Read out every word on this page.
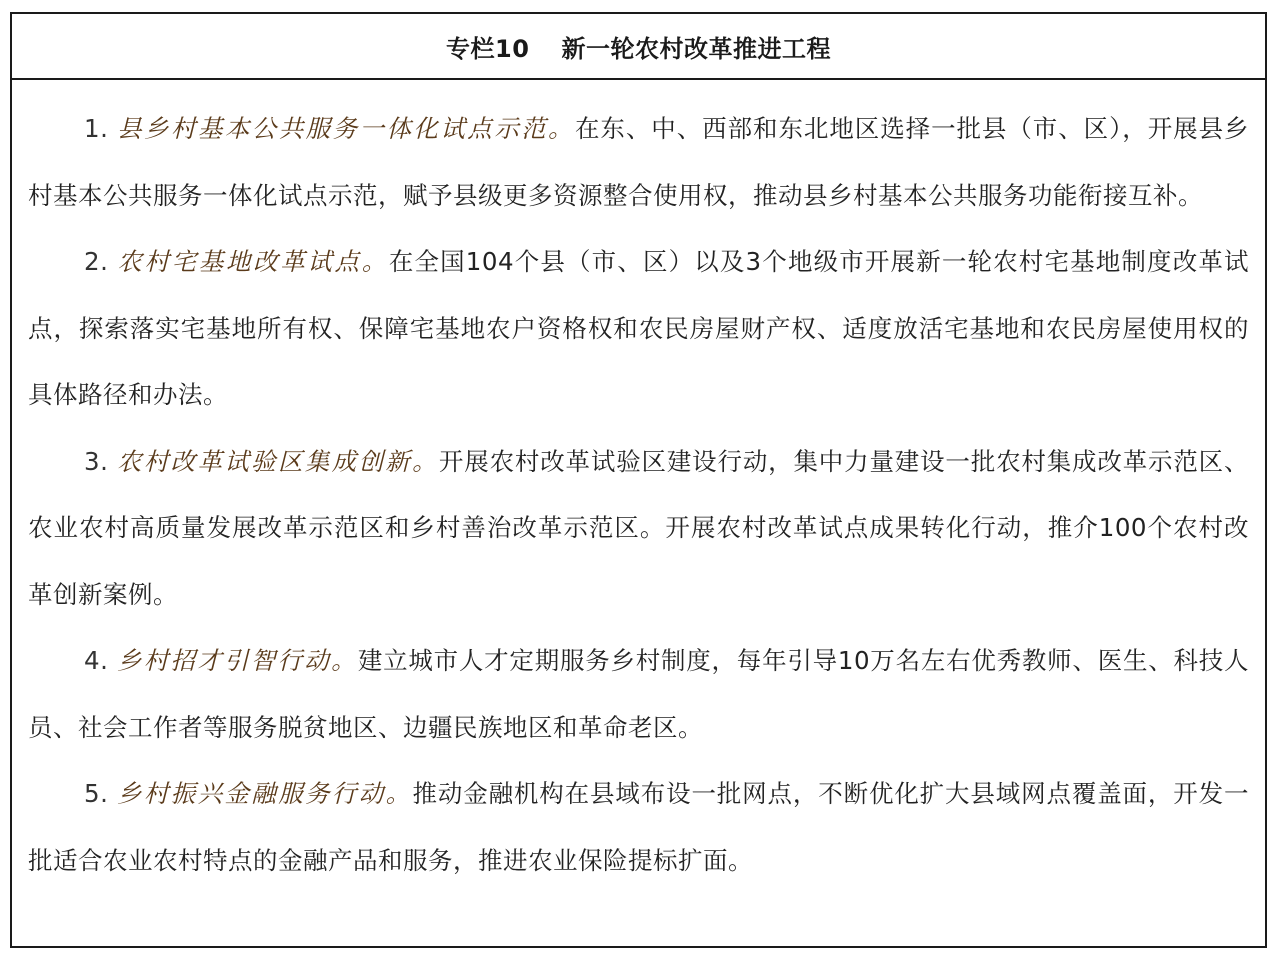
专栏10 新一轮农村改革推进工程

1. 县乡村基本公共服务一体化试点示范。在东、中、西部和东北地区选择一批县（市、区），开展县乡村基本公共服务一体化试点示范，赋予县级更多资源整合使用权，推动县乡村基本公共服务功能衔接互补。

2. 农村宅基地改革试点。在全国104个县（市、区）以及3个地级市开展新一轮农村宅基地制度改革试点，探索落实宅基地所有权、保障宅基地农户资格权和农民房屋财产权、适度放活宅基地和农民房屋使用权的具体路径和办法。

3. 农村改革试验区集成创新。开展农村改革试验区建设行动，集中力量建设一批农村集成改革示范区、农业农村高质量发展改革示范区和乡村善治改革示范区。开展农村改革试点成果转化行动，推介100个农村改革创新案例。

4. 乡村招才引智行动。建立城市人才定期服务乡村制度，每年引导10万名左右优秀教师、医生、科技人员、社会工作者等服务脱贫地区、边疆民族地区和革命老区。

5. 乡村振兴金融服务行动。推动金融机构在县域布设一批网点，不断优化扩大县域网点覆盖面，开发一批适合农业农村特点的金融产品和服务，推进农业保险提标扩面。
